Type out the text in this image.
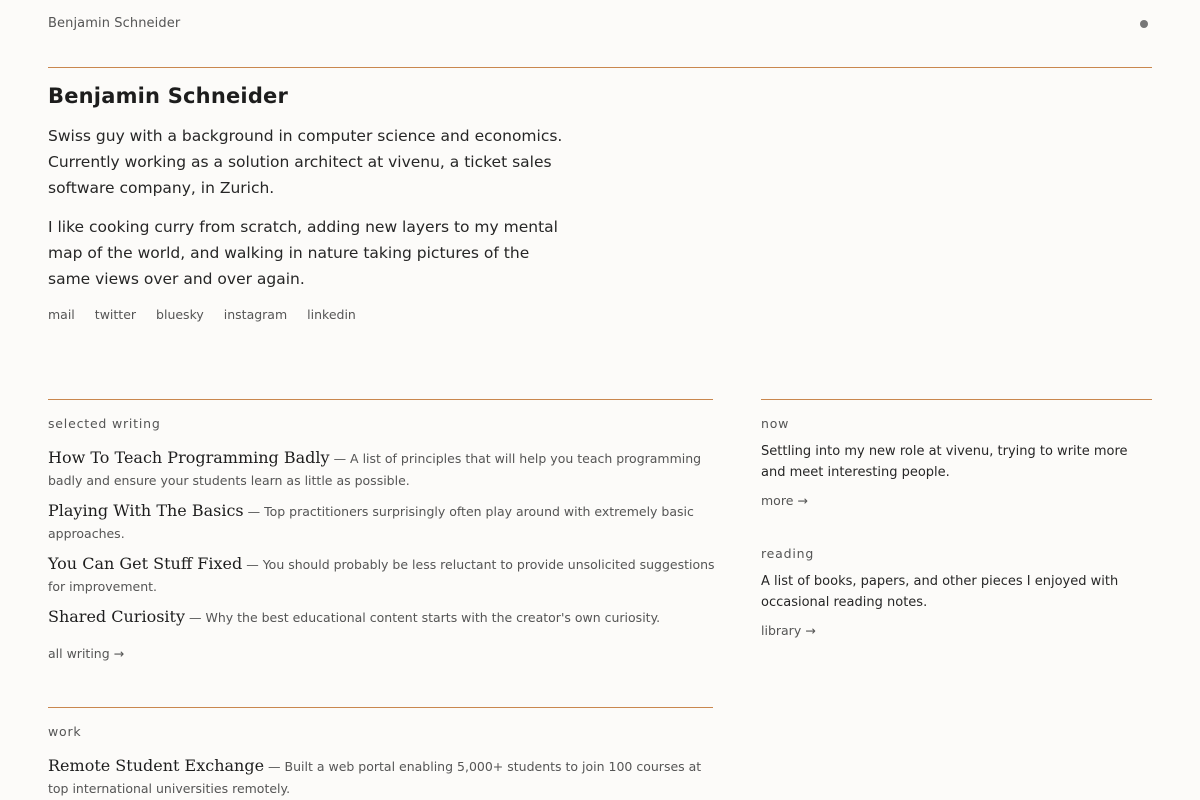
Benjamin Schneider
Benjamin Schneider

Swiss guy with a background in computer science and economics. Currently working as a solution architect at vivenu, a ticket sales software company, in Zurich.

I like cooking curry from scratch, adding new layers to my mental map of the world, and walking in nature taking pictures of the same views over and over again.

mail twitter bluesky instagram linkedin
selected writing
How To Teach Programming Badly — A list of principles that will help you teach programming badly and ensure your students learn as little as possible.
Playing With The Basics — Top practitioners surprisingly often play around with extremely basic approaches.
You Can Get Stuff Fixed — You should probably be less reluctant to provide unsolicited suggestions for improvement.
Shared Curiosity — Why the best educational content starts with the creator's own curiosity.
all writing →
work
Remote Student Exchange — Built a web portal enabling 5,000+ students to join 100 courses at top international universities remotely.
now

Settling into my new role at vivenu, trying to write more and meet interesting people.

more →
reading

A list of books, papers, and other pieces I enjoyed with occasional reading notes.

library →
